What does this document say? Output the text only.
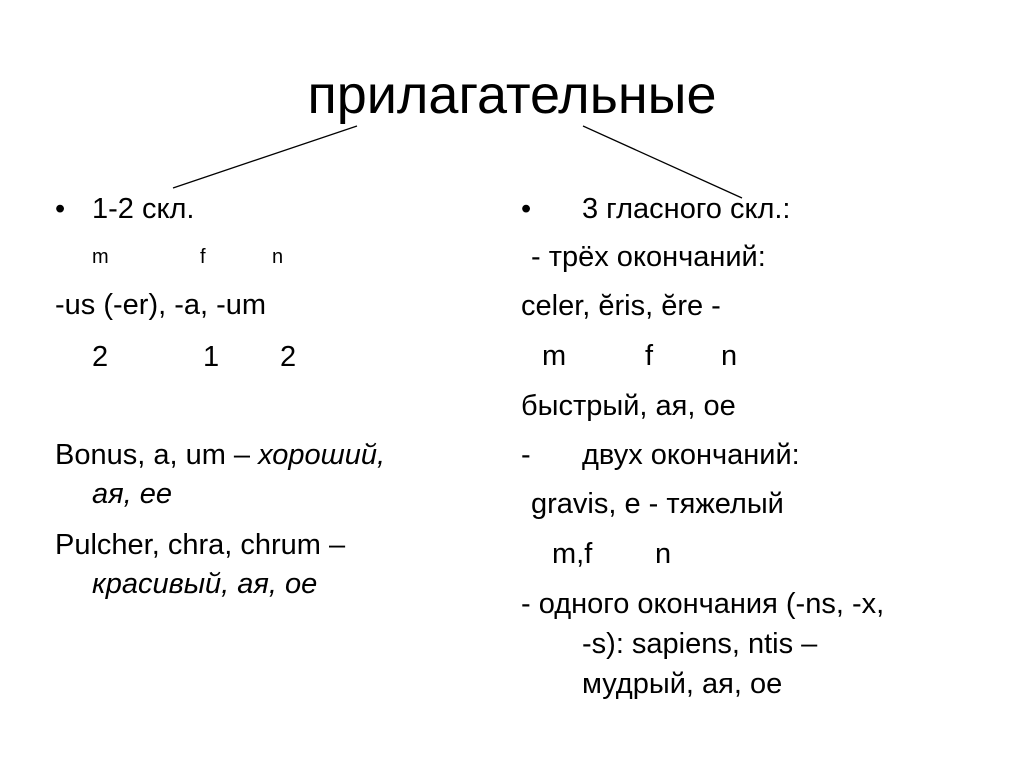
прилагательные
• 1-2 скл.
m	f	n
-us (-er), -a, -um
2	1 2
Bonus, a, um – хороший,
ая, ее
Pulcher, chra, chrum –
красивый, ая, ое
• 3 гласного скл.:
- трёх окончаний:
celer, ĕris, ĕre -
m	f n
быстрый, ая, ое
- двух окончаний:
gravis, e - тяжелый
m,f n
- одного окончания (-ns, -x,
-s): sapiens, ntis –
мудрый, ая, ое
